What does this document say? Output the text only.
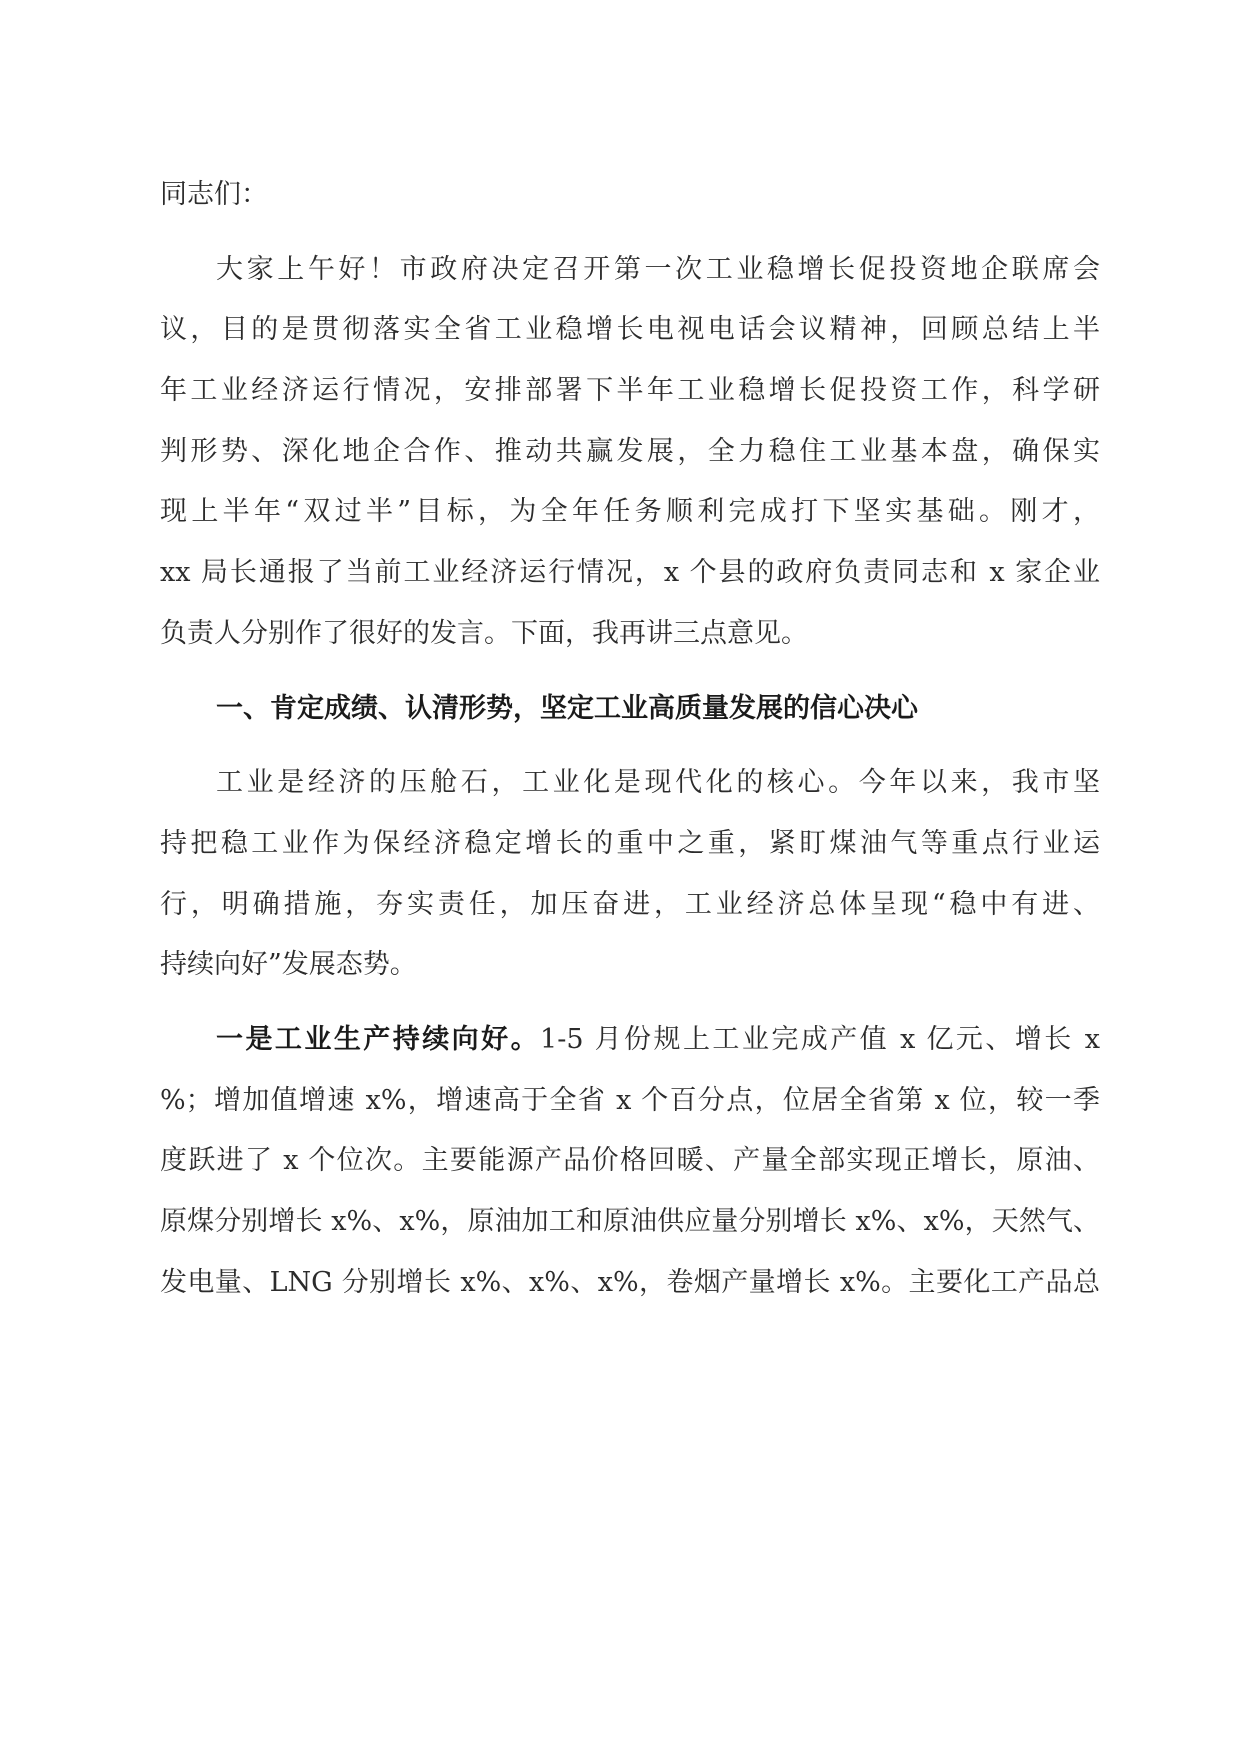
同志们：
大家上午好！市政府决定召开第一次工业稳增长促投资地企联席会
议，目的是贯彻落实全省工业稳增长电视电话会议精神，回顾总结上半
年工业经济运行情况，安排部署下半年工业稳增长促投资工作，科学研
判形势、深化地企合作、推动共赢发展，全力稳住工业基本盘，确保实
现上半年“双过半”目标，为全年任务顺利完成打下坚实基础。刚才，
xx 局长通报了当前工业经济运行情况，x 个县的政府负责同志和 x 家企业
负责人分别作了很好的发言。下面，我再讲三点意见。
一、肯定成绩、认清形势，坚定工业高质量发展的信心决心
工业是经济的压舱石，工业化是现代化的核心。今年以来，我市坚
持把稳工业作为保经济稳定增长的重中之重，紧盯煤油气等重点行业运
行，明确措施，夯实责任，加压奋进，工业经济总体呈现“稳中有进、
持续向好”发展态势。
一是工业生产持续向好。1-5 月份规上工业完成产值 x 亿元、增长 x
%；增加值增速 x%，增速高于全省 x 个百分点，位居全省第 x 位，较一季
度跃进了 x 个位次。主要能源产品价格回暖、产量全部实现正增长，原油、
原煤分别增长 x%、x%，原油加工和原油供应量分别增长 x%、x%，天然气、
发电量、LNG 分别增长 x%、x%、x%，卷烟产量增长 x%。主要化工产品总
